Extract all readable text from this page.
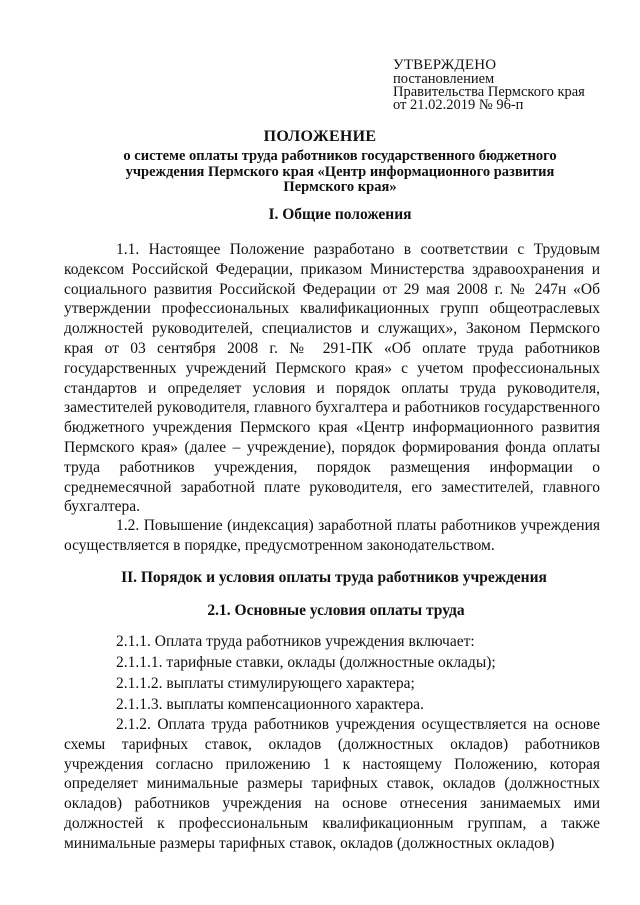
УТВЕРЖДЕНО
постановлением
Правительства Пермского края
от 21.02.2019 № 96-п
ПОЛОЖЕНИЕ
о системе оплаты труда работников государственного бюджетного учреждения Пермского края «Центр информационного развития Пермского края»
I. Общие положения
1.1. Настоящее Положение разработано в соответствии с Трудовым кодексом Российской Федерации, приказом Министерства здравоохранения и социального развития Российской Федерации от 29 мая 2008 г. № 247н «Об утверждении профессиональных квалификационных групп общеотраслевых должностей руководителей, специалистов и служащих», Законом Пермского края от 03 сентября 2008 г. № 291-ПК «Об оплате труда работников государственных учреждений Пермского края» с учетом профессиональных стандартов и определяет условия и порядок оплаты труда руководителя, заместителей руководителя, главного бухгалтера и работников государственного бюджетного учреждения Пермского края «Центр информационного развития Пермского края» (далее – учреждение), порядок формирования фонда оплаты труда работников учреждения, порядок размещения информации о среднемесячной заработной плате руководителя, его заместителей, главного бухгалтера.
1.2. Повышение (индексация) заработной платы работников учреждения осуществляется в порядке, предусмотренном законодательством.
II. Порядок и условия оплаты труда работников учреждения
2.1. Основные условия оплаты труда
2.1.1. Оплата труда работников учреждения включает:
2.1.1.1. тарифные ставки, оклады (должностные оклады);
2.1.1.2. выплаты стимулирующего характера;
2.1.1.3. выплаты компенсационного характера.
2.1.2. Оплата труда работников учреждения осуществляется на основе схемы тарифных ставок, окладов (должностных окладов) работников учреждения согласно приложению 1 к настоящему Положению, которая определяет минимальные размеры тарифных ставок, окладов (должностных окладов) работников учреждения на основе отнесения занимаемых ими должностей к профессиональным квалификационным группам, а также минимальные размеры тарифных ставок, окладов (должностных окладов)
